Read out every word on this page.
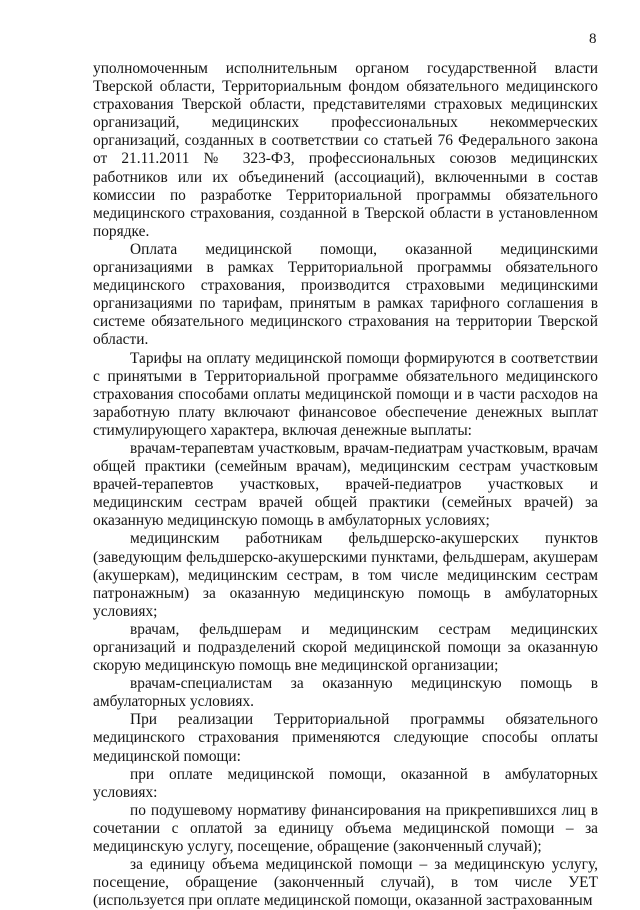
8

уполномоченным исполнительным органом государственной власти Тверской области, Территориальным фондом обязательного медицинского страхования Тверской области, представителями страховых медицинских организаций, медицинских профессиональных некоммерческих организаций, созданных в соответствии со статьей 76 Федерального закона от 21.11.2011 № 323-ФЗ, профессиональных союзов медицинских работников или их объединений (ассоциаций), включенными в состав комиссии по разработке Территориальной программы обязательного медицинского страхования, созданной в Тверской области в установленном порядке.

Оплата медицинской помощи, оказанной медицинскими организациями в рамках Территориальной программы обязательного медицинского страхования, производится страховыми медицинскими организациями по тарифам, принятым в рамках тарифного соглашения в системе обязательного медицинского страхования на территории Тверской области.

Тарифы на оплату медицинской помощи формируются в соответствии с принятыми в Территориальной программе обязательного медицинского страхования способами оплаты медицинской помощи и в части расходов на заработную плату включают финансовое обеспечение денежных выплат стимулирующего характера, включая денежные выплаты:

врачам-терапевтам участковым, врачам-педиатрам участковым, врачам общей практики (семейным врачам), медицинским сестрам участковым врачей-терапевтов участковых, врачей-педиатров участковых и медицинским сестрам врачей общей практики (семейных врачей) за оказанную медицинскую помощь в амбулаторных условиях;

медицинским работникам фельдшерско-акушерских пунктов (заведующим фельдшерско-акушерскими пунктами, фельдшерам, акушерам (акушеркам), медицинским сестрам, в том числе медицинским сестрам патронажным) за оказанную медицинскую помощь в амбулаторных условиях;

врачам, фельдшерам и медицинским сестрам медицинских организаций и подразделений скорой медицинской помощи за оказанную скорую медицинскую помощь вне медицинской организации;

врачам-специалистам за оказанную медицинскую помощь в амбулаторных условиях.

При реализации Территориальной программы обязательного медицинского страхования применяются следующие способы оплаты медицинской помощи:

при оплате медицинской помощи, оказанной в амбулаторных условиях:

по подушевому нормативу финансирования на прикрепившихся лиц в сочетании с оплатой за единицу объема медицинской помощи – за медицинскую услугу, посещение, обращение (законченный случай);

за единицу объема медицинской помощи – за медицинскую услугу, посещение, обращение (законченный случай), в том числе УЕТ (используется при оплате медицинской помощи, оказанной застрахованным
